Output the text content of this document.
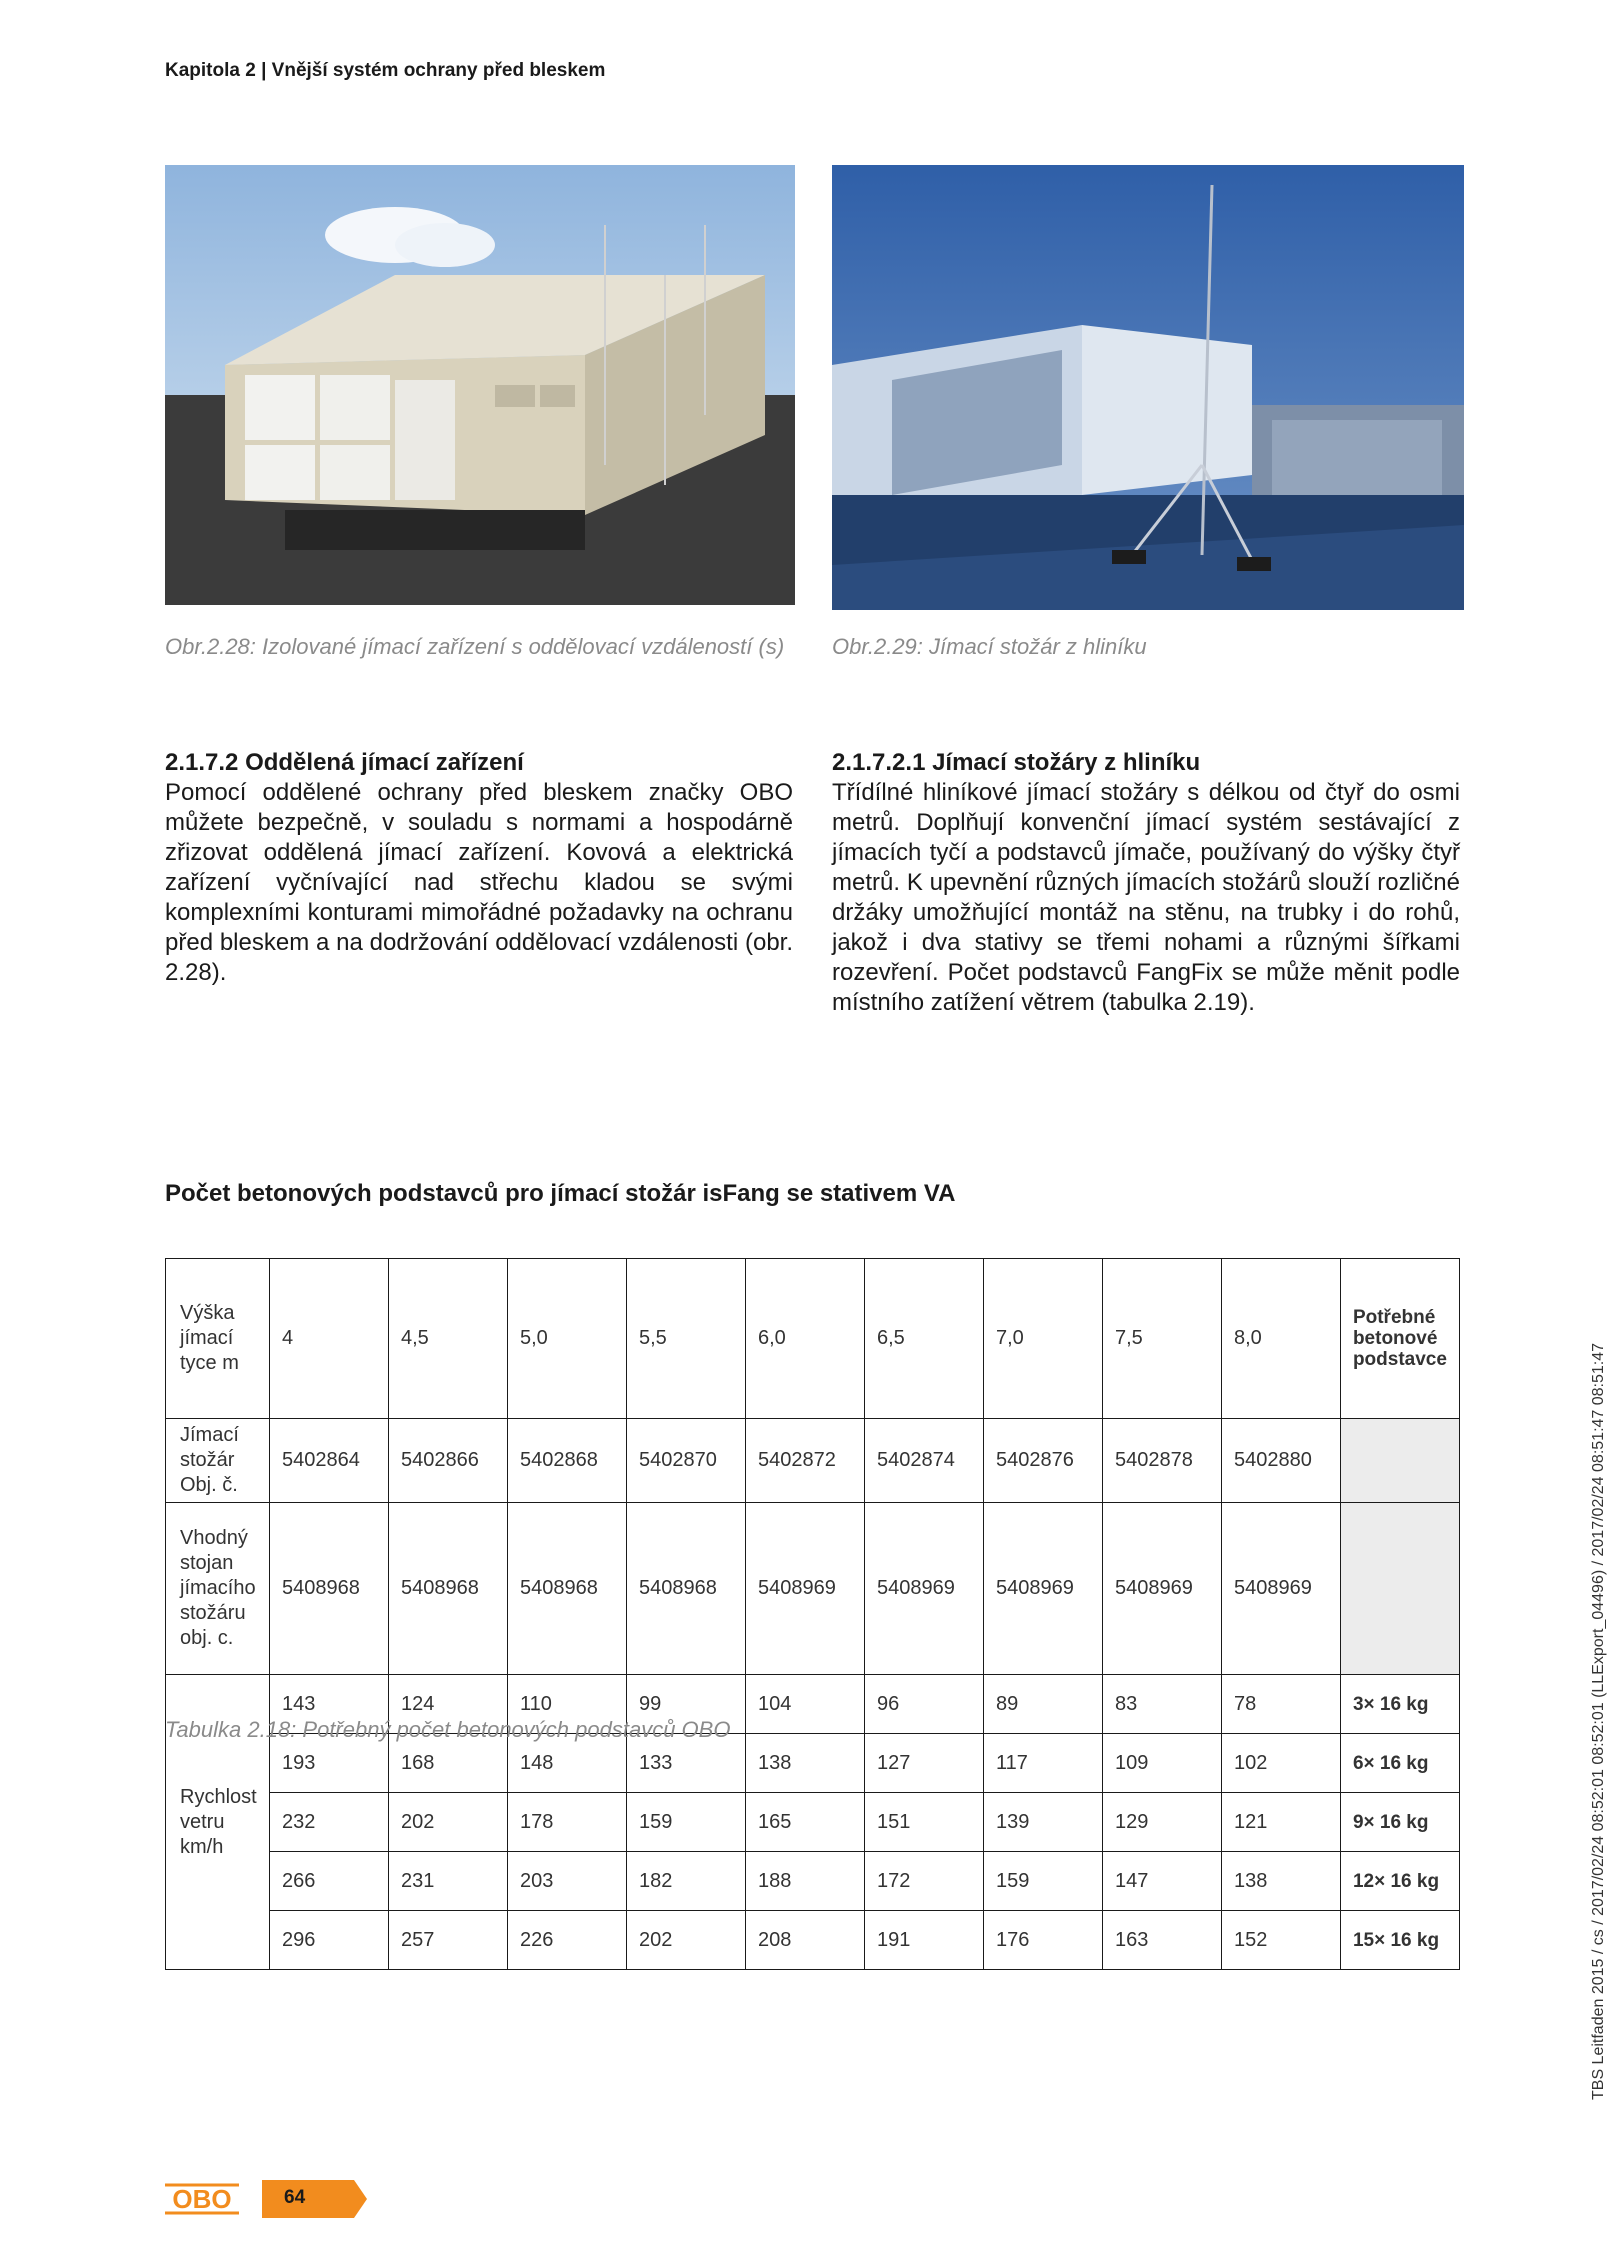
Kapitola 2 | Vnější systém ochrany před bleskem
Obr.2.28: Izolované jímací zařízení s oddělovací vzdáleností (s)	Obr.2.29: Jímací stožár z hliníku
2.1.7.2 Oddělená jímací zařízení

Pomocí oddělené ochrany před bleskem značky OBO můžete bezpečně, v souladu s normami a hospodárně zřizovat oddělená jímací zařízení. Kovová a elektrická zařízení vyčnívající nad střechu kladou se svými komplexními konturami mimořádné požadavky na ochranu před bleskem a na dodržování oddělovací vzdálenosti (obr. 2.28).

2.1.7.2.1 Jímací stožáry z hliníku

Třídílné hliníkové jímací stožáry s délkou od čtyř do osmi metrů. Doplňují konvenční jímací systém sestávající z jímacích tyčí a podstavců jímače, používaný do výšky čtyř metrů. K upevnění různých jímacích stožárů slouží rozličné držáky umožňující montáž na stěnu, na trubky i do rohů, jakož i dva stativy se třemi nohami a různými šířkami rozevření. Počet podstavců FangFix se může měnit podle místního zatížení větrem (tabulka 2.19).

Počet betonových podstavců pro jímací stožár isFang se stativem VA
Výška jímací tyce m	4	4,5	5,0	5,5	6,0	6,5	7,0	7,5	8,0	Potřebné betonové podstavce
Jímací stožár Obj. č.	5402864	5402866	5402868	5402870	5402872	5402874	5402876	5402878	5402880	
Vhodný stojan jímacího stožáru obj. c.	5408968	5408968	5408968	5408968	5408969	5408969	5408969	5408969	5408969	
Rychlost vetru km/h	143	124	110	99	104	96	89	83	78	3× 16 kg
	193	168	148	133	138	127	117	109	102	6× 16 kg
	232	202	178	159	165	151	139	129	121	9× 16 kg
	266	231	203	182	188	172	159	147	138	12× 16 kg
	296	257	226	202	208	191	176	163	152	15× 16 kg
Tabulka 2.18: Potřebný počet betonových podstavců OBO	TBS Leitfaden 2015 / cs / 2017/02/24 08:52:01 08:52:01 (LLExport_04496) / 2017/02/24 08:51:47 08:51:47
OBO	64
